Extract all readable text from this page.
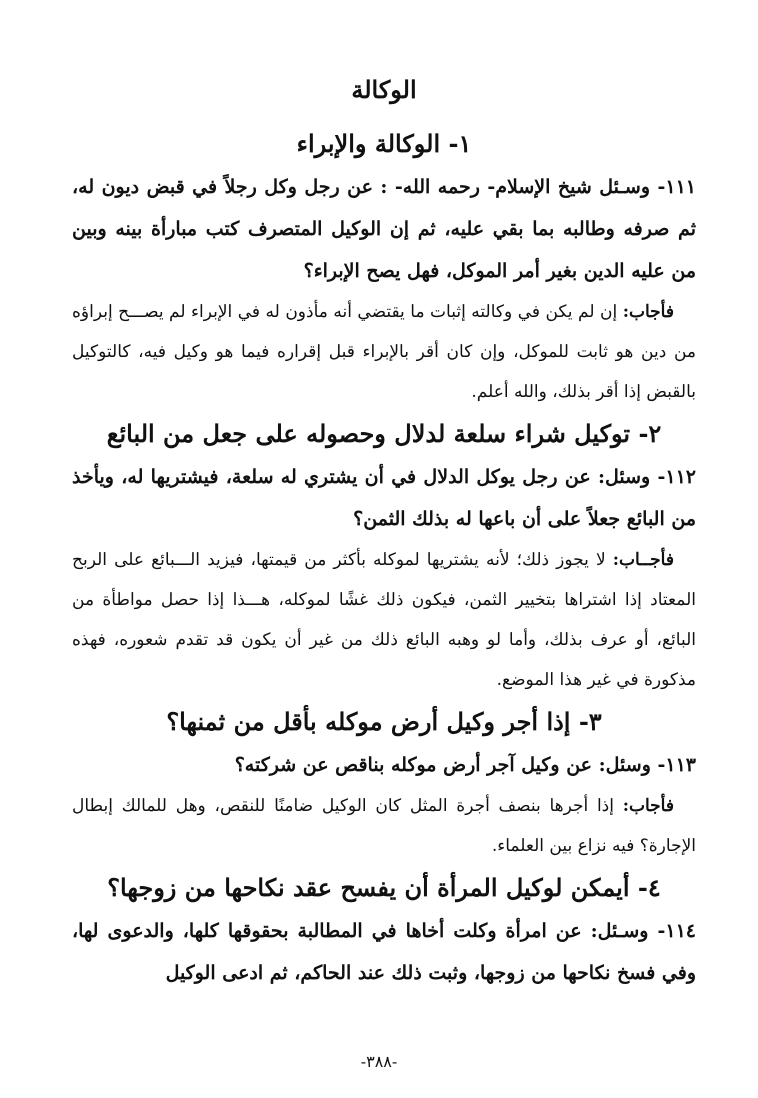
الوكالة
١- الوكالة والإبراء

١١١- وسـئل شيخ الإسلام- رحمه الله- : عن رجل وكل رجلاً في قبض ديون له، ثم صرفه وطالبه بما بقي عليه، ثم إن الوكيل المتصرف كتب مبارأة بينه وبين من عليه الدين بغير أمر الموكل، فهل يصح الإبراء؟

فأجاب: إن لم يكن في وكالته إثبات ما يقتضي أنه مأذون له في الإبراء لم يصـــح إبراؤه من دين هو ثابت للموكل، وإن كان أقر بالإبراء قبل إقراره فيما هو وكيل فيه، كالتوكيل بالقبض إذا أقر بذلك، والله أعلم.

٢- توكيل شراء سلعة لدلال وحصوله على جعل من البائع

١١٢- وسئل: عن رجل يوكل الدلال في أن يشتري له سلعة، فيشتريها له، ويأخذ من البائع جعلاً على أن باعها له بذلك الثمن؟

فأجــاب: لا يجوز ذلك؛ لأنه يشتريها لموكله بأكثر من قيمتها، فيزيد الـــبائع على الربح المعتاد إذا اشتراها بتخيير الثمن، فيكون ذلك غشًا لموكله، هـــذا إذا حصل مواطأة من البائع، أو عرف بذلك، وأما لو وهبه البائع ذلك من غير أن يكون قد تقدم شعوره، فهذه مذكورة في غير هذا الموضع.

٣- إذا أجر وكيل أرض موكله بأقل من ثمنها؟

١١٣- وسئل: عن وكيل آجر أرض موكله بناقص عن شركته؟

فأجاب: إذا أجرها بنصف أجرة المثل كان الوكيل ضامنًا للنقص، وهل للمالك إبطال الإجارة؟ فيه نزاع بين العلماء.

٤- أيمكن لوكيل المرأة أن يفسح عقد نكاحها من زوجها؟

١١٤- وسـئل: عن امرأة وكلت أخاها في المطالبة بحقوقها كلها، والدعوى لها، وفي فسخ نكاحها من زوجها، وثبت ذلك عند الحاكم، ثم ادعى الوكيل

-٣٨٨-
